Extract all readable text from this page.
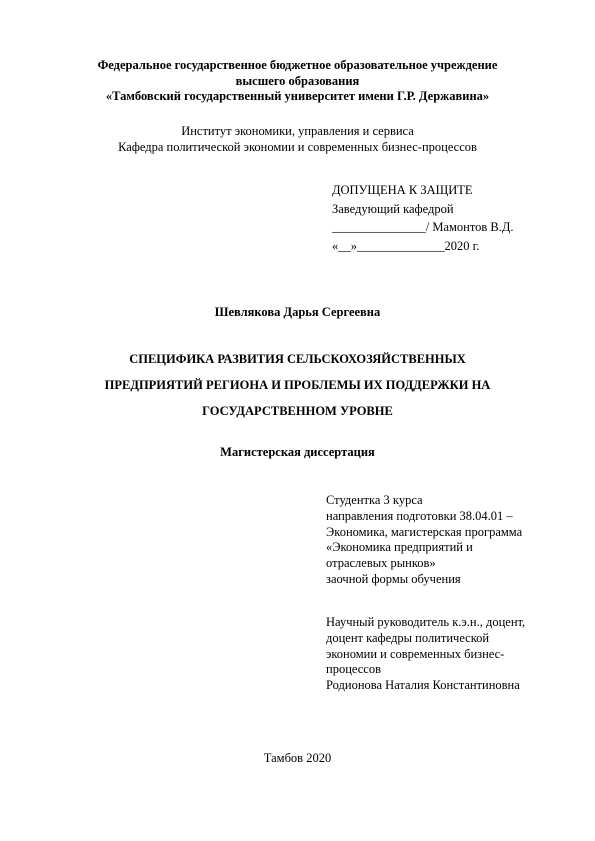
Федеральное государственное бюджетное образовательное учреждение
высшего образования
«Тамбовский государственный университет имени Г.Р. Державина»
Институт экономики, управления и сервиса
Кафедра политической экономии и современных бизнес-процессов
ДОПУЩЕНА К ЗАЩИТЕ
Заведующий кафедрой
_______________/ Мамонтов В.Д.
«__»______________2020 г.
Шевлякова Дарья Сергеевна
СПЕЦИФИКА РАЗВИТИЯ СЕЛЬСКОХОЗЯЙСТВЕННЫХ
ПРЕДПРИЯТИЙ РЕГИОНА И ПРОБЛЕМЫ ИХ ПОДДЕРЖКИ НА
ГОСУДАРСТВЕННОМ УРОВНЕ
Магистерская диссертация
Студентка 3 курса
направления подготовки 38.04.01 –
Экономика, магистерская программа
«Экономика предприятий и
отраслевых рынков»
заочной формы обучения
Научный руководитель к.э.н., доцент,
доцент кафедры политической
экономии и современных бизнес-
процессов
Родионова Наталия Константиновна
Тамбов 2020
